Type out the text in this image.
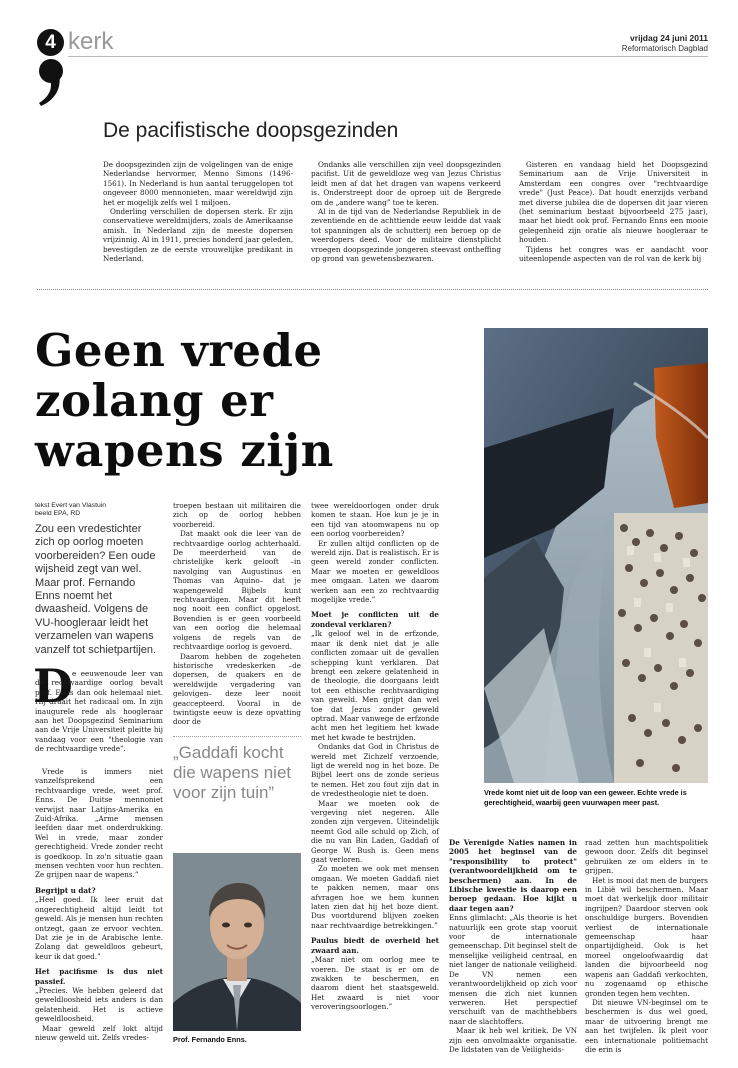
4 kerk	vrijdag 24 juni 2011
Reformatorisch Dagblad
De pacifistische doopsgezinden

De doopsgezinden zijn de volgelingen van de enige Nederlandse hervormer, Menno Simons (1496-1561). In Nederland is hun aantal teruggelopen tot ongeveer 8000 mennonieten, maar wereldwijd zijn het er mogelijk zelfs wel 1 miljoen.

Onderling verschillen de dopersen sterk. Er zijn conservatieve wereldmijders, zoals de Amerikaanse amish. In Nederland zijn de meeste dopersen vrijzinnig. Al in 1911, precies honderd jaar geleden, bevestigden ze de eerste vrouwelijke predikant in Nederland.

Ondanks alle verschillen zijn veel doopsgezinden pacifist. Uit de geweldloze weg van Jezus Christus leidt men af dat het dragen van wapens verkeerd is. Onderstreept door de oproep uit de Bergrede om de „andere wang” toe te keren.

Al in de tijd van de Nederlandse Republiek in de zeventiende en de achttiende eeuw leidde dat vaak tot spanningen als de schutterij een beroep op de weerdopers deed. Voor de militaire dienstplicht vroegen doopsgezinde jongeren steevast ontheffing op grond van gewetensbezwaren.

Gisteren en vandaag hield het Doopsgezind Seminarium aan de Vrije Universiteit in Amsterdam een congres over "rechtvaardige vrede" (Just Peace). Dat houdt enerzijds verband met diverse jubilea die de dopersen dit jaar vieren (het seminarium bestaat bijvoorbeeld 275 jaar), maar het biedt ook prof. Fernando Enns een mooie gelegenheid zijn oratie als nieuwe hoogleraar te houden.

Tijdens het congres was er aandacht voor uiteenlopende aspecten van de rol van de kerk bij

Geen vrede zolang er wapens zijn
Vrede komt niet uit de loop van een geweer. Echte vrede is gerechtigheid, waarbij geen vuurwapen meer past.
tekst Evert van Vlastuin
beeld EPA, RD
Zou een vredestichter zich op oorlog moeten voorbereiden? Een oude wijsheid zegt van wel. Maar prof. Fernando Enns noemt het dwaasheid. Volgens de VU-hoogleraar leidt het verzamelen van wapens vanzelf tot schietpartijen.
D e eeuwenoude leer van de rechtvaardige oorlog bevalt prof. Enns dan ook helemaal niet. Hij draait het radicaal om. In zijn inaugurele rede als hoogleraar aan het Doopsgezind Seminarium aan de Vrije Universiteit pleitte hij vandaag voor een "theologie van de rechtvaardige vrede".

Vrede is immers niet vanzelfsprekend een rechtvaardige vrede, weet prof. Enns. De Duitse mennoniet verwijst naar Latijns-Amerika en Zuid-Afrika. „Arme mensen leefden daar met onderdrukking. Wel in vrede, maar zonder gerechtigheid. Vrede zonder recht is goedkoop. In zo'n situatie gaan mensen vechten voor hun rechten. Ze grijpen naar de wapens.”

Begrijpt u dat?

„Heel goed. Ik leer eruit dat ongerechtigheid altijd leidt tot geweld. Als je mensen hun rechten ontzegt, gaan ze ervoor vechten. Dat zie je in de Arabische lente. Zolang dat geweldloos gebeurt, keur ik dat goed.”

Het pacifisme is dus niet passief.

„Precies. We hebben geleerd dat geweldloosheid iets anders is dan gelatenheid. Het is actieve geweldloosheid.

Maar geweld zelf lokt altijd nieuw geweld uit. Zelfs vredes-

troepen bestaan uit militairen die zich op de oorlog hebben voorbereid.

Dat maakt ook die leer van de rechtvaardige oorlog achterhaald. De meerderheid van de christelijke kerk gelooft –in navolging van Augustinus en Thomas van Aquino– dat je wapengeweld Bijbels kunt rechtvaardigen. Maar dit heeft nog nooit een conflict opgelost. Bovendien is er geen voorbeeld van een oorlog die helemaal volgens de regels van de rechtvaardige oorlog is gevoerd.

Daarom hebben de zogeheten historische vredeskerken –de dopersen, de quakers en de wereldwijde vergadering van gelovigen– deze leer nooit geaccepteerd. Vooral in de twintigste eeuw is deze opvatting door de

„Gaddafi kocht die wapens niet voor zijn tuin”
Prof. Fernando Enns.

twee wereldoorlogen onder druk komen te staan. Hoe kun je je in een tijd van atoomwapens nu op een oorlog voorbereiden?

Er zullen altijd conflicten op de wereld zijn. Dat is realistisch. Er is geen wereld zonder conflicten. Maar we moeten er geweldloos mee omgaan. Laten we daarom werken aan een zo rechtvaardig mogelijke vrede.”

Moet je conflicten uit de zondeval verklaren?

„Ik geloof wel in de erfzonde, maar ik denk niet dat je alle conflicten zomaar uit de gevallen schepping kunt verklaren. Dat brengt een zekere gelatenheid in de theologie, die doorgaans leidt tot een ethische rechtvaardiging van geweld. Men grijpt dan wel toe dat Jezus zonder geweld optrad. Maar vanwege de erfzonde acht men het legitiem het kwade met het kwade te bestrijden.

Ondanks dat God in Christus de wereld met Zichzelf verzoende, ligt de wereld nog in het boze. De Bijbel leert ons de zonde serieus te nemen. Het zou fout zijn dat in de vredestheologie niet te doen.

Maar we moeten ook de vergeving niet negeren. Alle zonden zijn vergeven. Uiteindelijk neemt God alle schuld op Zich, of die nu van Bin Laden, Gaddafi of George W. Bush is. Geen mens gaat verloren.

Zo moeten we ook met mensen omgaan. We moeten Gaddafi niet te pakken nemen, maar ons afvragen hoe we hem kunnen laten zien dat hij het boze dient. Dus voortdurend blijven zoeken naar rechtvaardige betrekkingen.”

Paulus biedt de overheid het zwaard aan.

„Maar niet om oorlog mee te voeren. De staat is er om de zwakken te beschermen, en daarom dient het staatsgeweld. Het zwaard is niet voor veroveringsoorlogen.”

De Verenigde Naties namen in 2005 het beginsel van de "responsibility to protect" (verantwoordelijkheid om te beschermen) aan. In de Libische kwestie is daarop een beroep gedaan. Hoe kijkt u daar tegen aan?

Enns glimlacht: „Als theorie is het natuurlijk een grote stap vooruit voor de internationale gemeenschap. Dit beginsel stelt de menselijke veiligheid centraal, en niet langer de nationale veiligheid. De VN nemen een verantwoordelijkheid op zich voor mensen die zich niet kunnen verweren. Het perspectief verschuift van de machthebbers naar de slachtoffers.

Maar ik heb wel kritiek. De VN zijn een onvolmaakte organisatie. De lidstaten van de Veiligheids-

raad zetten hun machtspolitiek gewoon door. Zelfs dit beginsel gebruiken ze om elders in te grijpen.

Het is mooi dat men de burgers in Libië wil beschermen. Maar moet dat werkelijk door militair ingrijpen? Daardoor sterven ook onschuldige burgers. Bovendien verliest de internationale gemeenschap haar onpartijdigheid. Ook is het moreel ongeloofwaardig dat landen die bijvoorbeeld nog wapens aan Gaddafi verkochten, nu zogenaamd op ethische gronden tegen hem vechten.

Dit nieuwe VN-beginsel om te beschermen is dus wel goed, maar de uitvoering brengt me aan het twijfelen. Ik pleit voor een internationale politiemacht die erin is
